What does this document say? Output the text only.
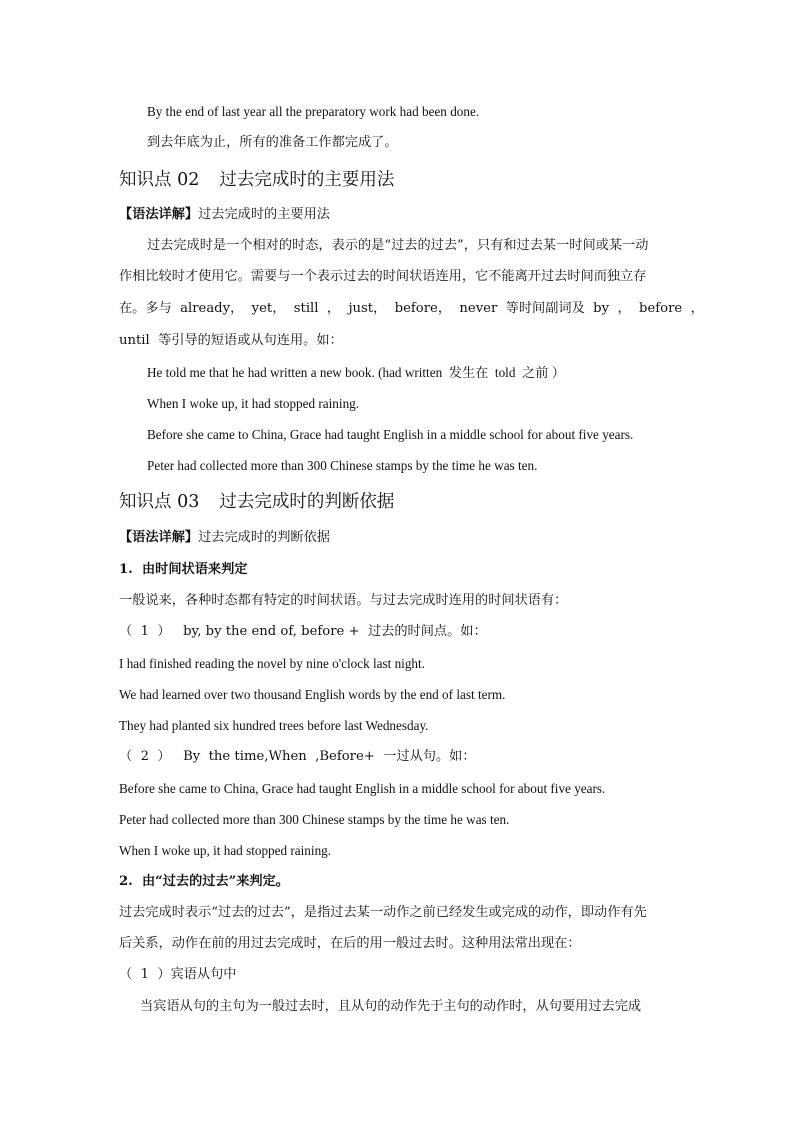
By the end of last year all the preparatory work had been done.
到去年底为止，所有的准备工作都完成了。
知识点 02 过去完成时的主要用法
【语法详解】过去完成时的主要用法
过去完成时是一个相对的时态，表示的是“过去的过去”，只有和过去某一时间或某一动
作相比较时才使用它。需要与一个表示过去的时间状语连用，它不能离开过去时间而独立存
在。多与  already，  yet，  still  ，  just，  before，  never  等时间副词及  by  ，  before  ，
until  等引导的短语或从句连用。如：
He told me that he had written a new book. (had written  发生在  told  之前 ）
When I woke up, it had stopped raining.
Before she came to China, Grace had taught English in a middle school for about five years.
Peter had collected more than 300 Chinese stamps by the time he was ten.
知识点 03 过去完成时的判断依据
【语法详解】过去完成时的判断依据
1.  由时间状语来判定
一般说来，各种时态都有特定的时间状语。与过去完成时连用的时间状语有：
（  1  ）   by, by the end of, before +  过去的时间点。如：
I had finished reading the novel by nine o'clock last night.
We had learned over two thousand English words by the end of last term.
They had planted six hundred trees before last Wednesday.
（  2  ）   By  the time,When  ,Before+  一过从句。如：
Before she came to China, Grace had taught English in a middle school for about five years.
Peter had collected more than 300 Chinese stamps by the time he was ten.
When I woke up, it had stopped raining.
2.  由“过去的过去”来判定。
过去完成时表示“过去的过去”，是指过去某一动作之前已经发生或完成的动作，即动作有先
后关系，动作在前的用过去完成时，在后的用一般过去时。这种用法常出现在：
（  1  ）宾语从句中
当宾语从句的主句为一般过去时，且从句的动作先于主句的动作时，从句要用过去完成
